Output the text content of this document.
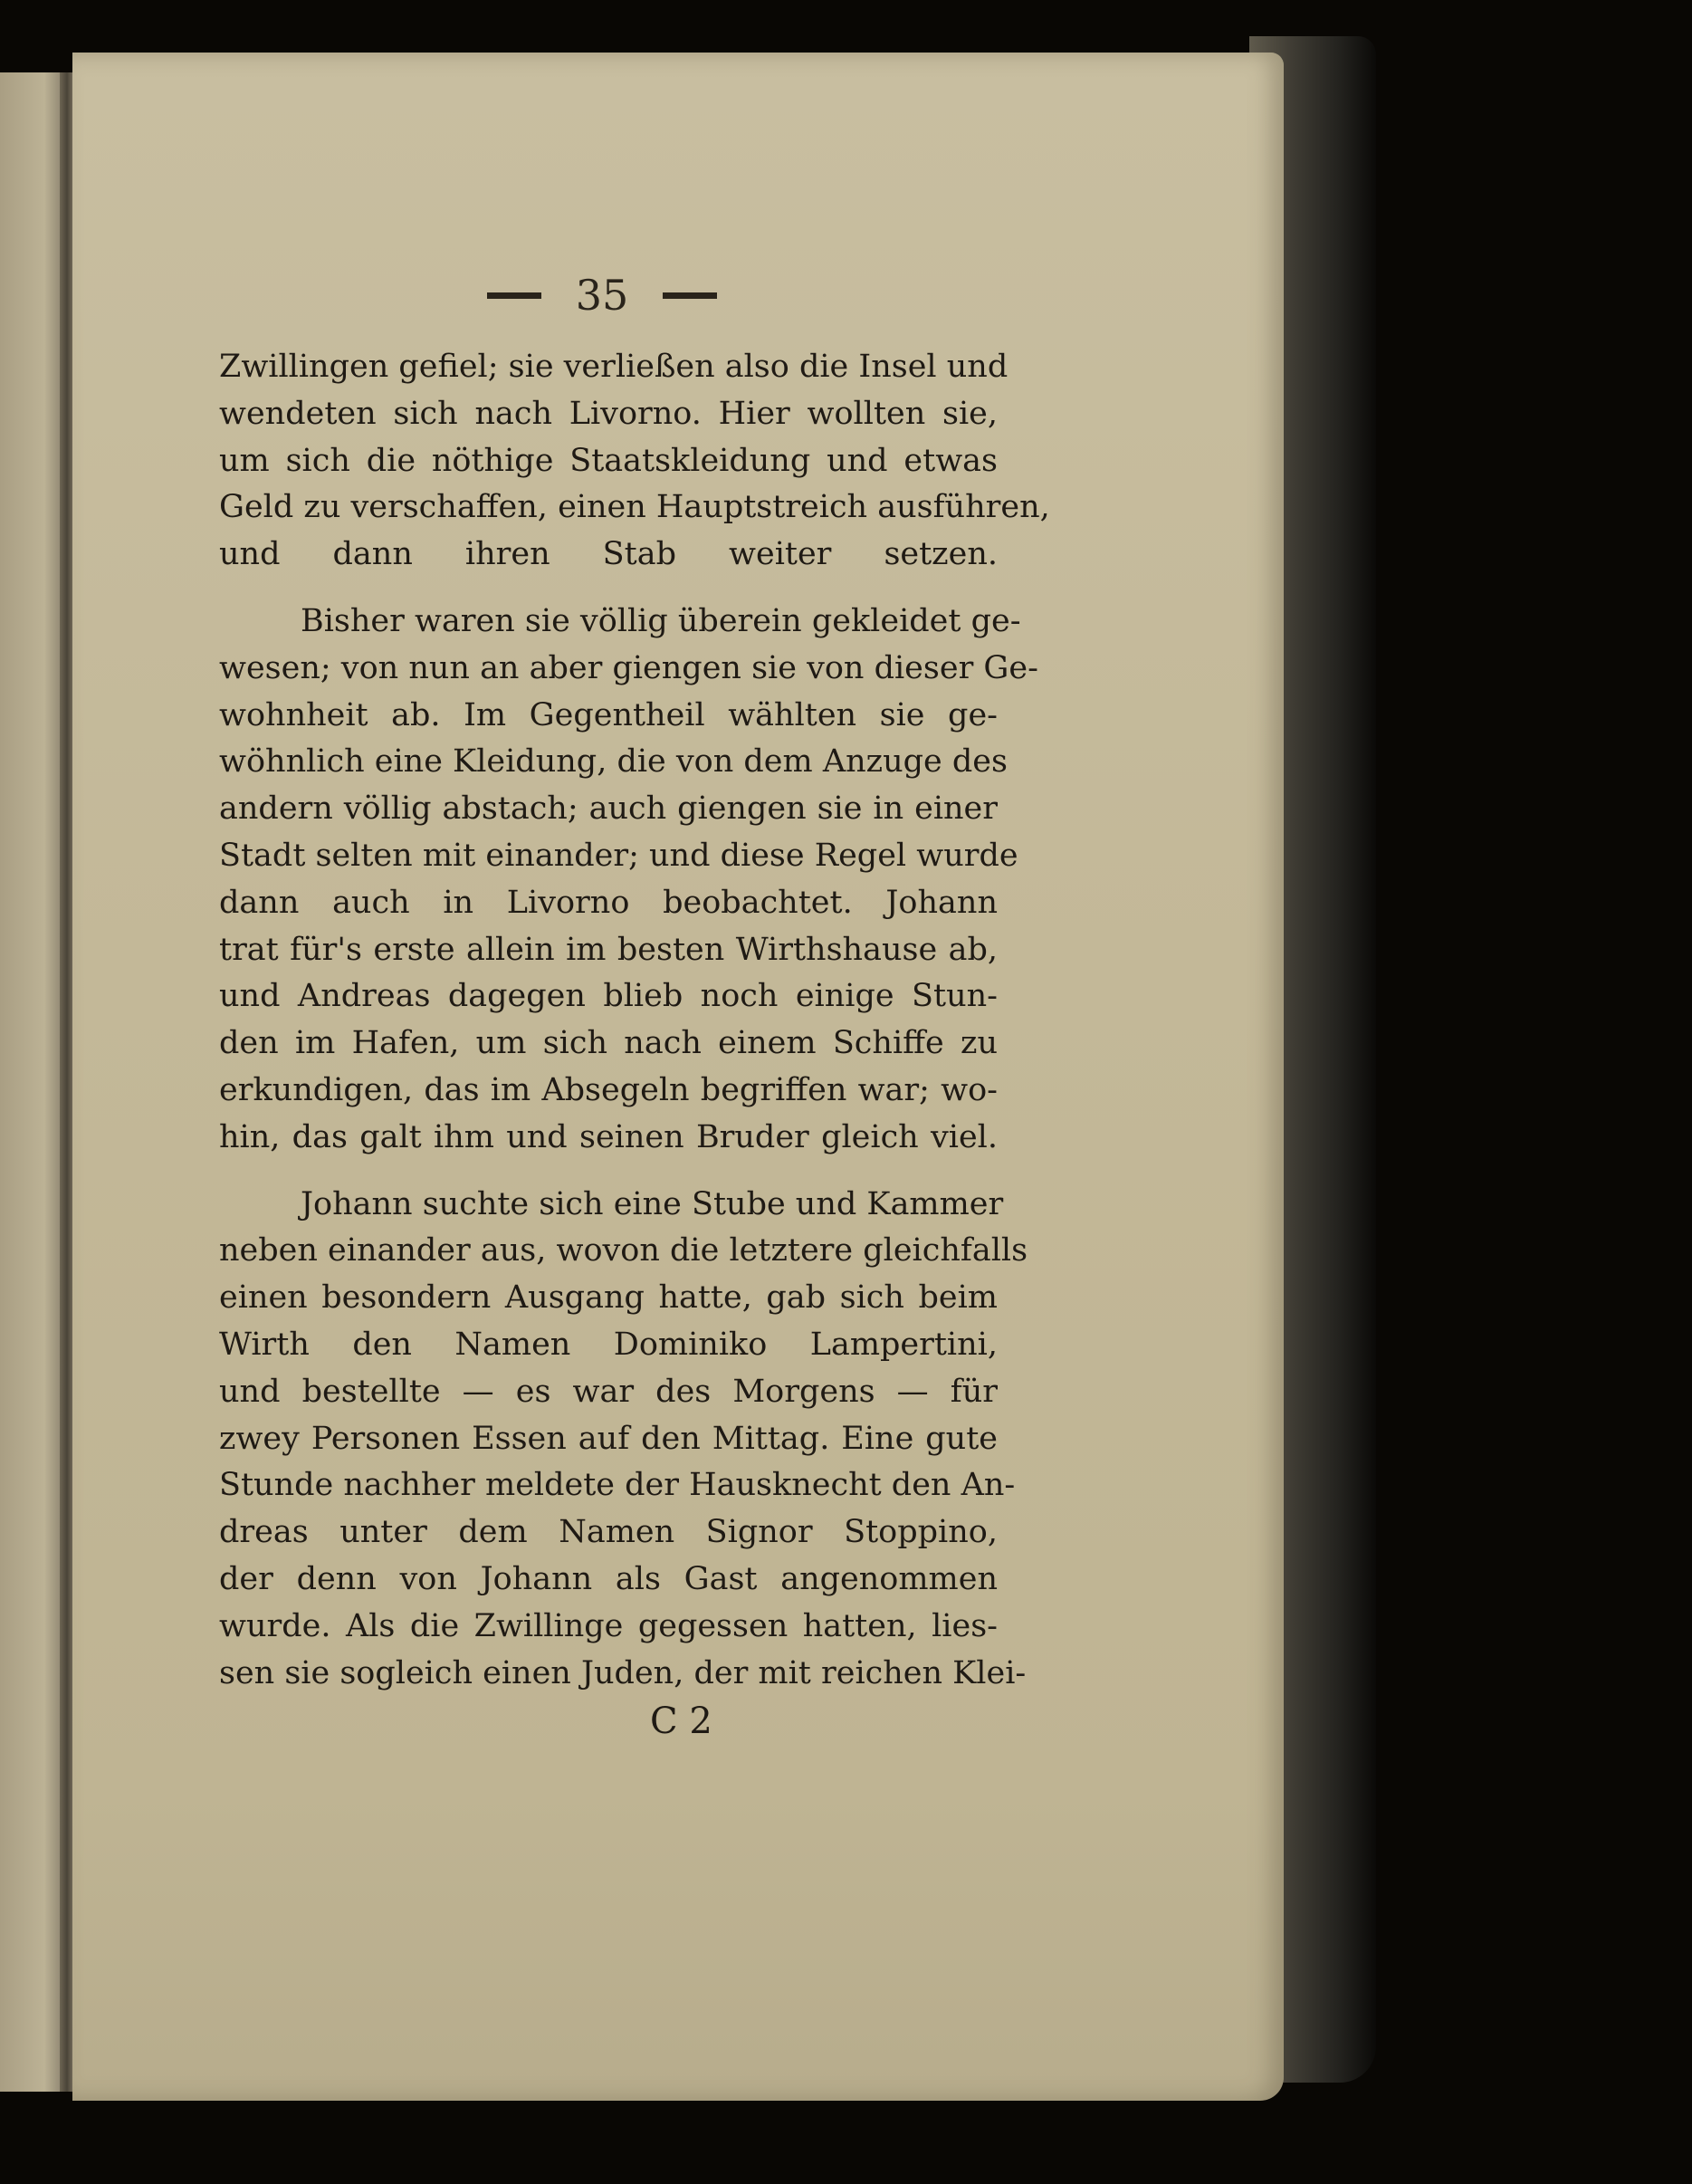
35

Zwillingen gefiel; sie verließen also die Insel und
wendeten sich nach Livorno. Hier wollten sie,
um sich die nöthige Staatskleidung und etwas
Geld zu verschaffen, einen Hauptstreich ausführen,
und dann ihren Stab weiter setzen.

Bisher waren sie völlig überein gekleidet ge-
wesen; von nun an aber giengen sie von dieser Ge-
wohnheit ab. Im Gegentheil wählten sie ge-
wöhnlich eine Kleidung, die von dem Anzuge des
andern völlig abstach; auch giengen sie in einer
Stadt selten mit einander; und diese Regel wurde
dann auch in Livorno beobachtet. Johann
trat für's erste allein im besten Wirthshause ab,
und Andreas dagegen blieb noch einige Stun-
den im Hafen, um sich nach einem Schiffe zu
erkundigen, das im Absegeln begriffen war; wo-
hin, das galt ihm und seinen Bruder gleich viel.

Johann suchte sich eine Stube und Kammer
neben einander aus, wovon die letztere gleichfalls
einen besondern Ausgang hatte, gab sich beim
Wirth den Namen Dominiko Lampertini,
und bestellte — es war des Morgens — für
zwey Personen Essen auf den Mittag. Eine gute
Stunde nachher meldete der Hausknecht den An-
dreas unter dem Namen Signor Stoppino,
der denn von Johann als Gast angenommen
wurde. Als die Zwillinge gegessen hatten, lies-
sen sie sogleich einen Juden, der mit reichen Klei-

C 2
